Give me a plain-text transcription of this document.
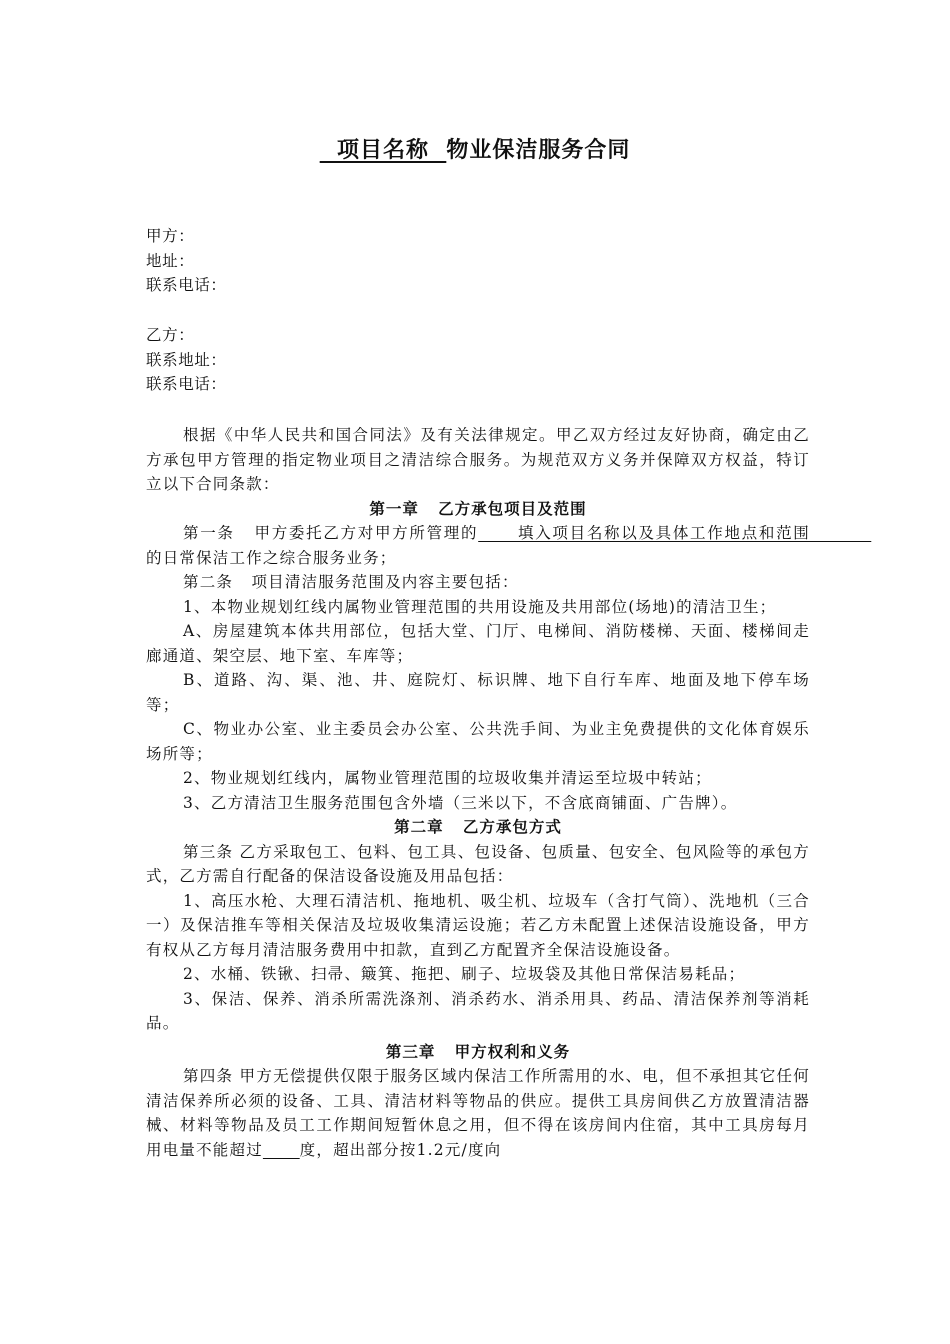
项目名称  物业保洁服务合同
甲方：
地址：
联系电话：
乙方：
联系地址：
联系电话：

根据《中华人民共和国合同法》及有关法律规定。甲乙双方经过友好协商，确定由乙方承包甲方管理的指定物业项目之清洁综合服务。为规范双方义务并保障双方权益，特订立以下合同条款：

第一章   乙方承包项目及范围

第一条   甲方委托乙方对甲方所管理的      填入项目名称以及具体工作地点和范围          的日常保洁工作之综合服务业务；

第二条   项目清洁服务范围及内容主要包括：

1、本物业规划红线内属物业管理范围的共用设施及共用部位(场地)的清洁卫生；

A、房屋建筑本体共用部位，包括大堂、门厅、电梯间、消防楼梯、天面、楼梯间走廊通道、架空层、地下室、车库等；

B、道路、沟、渠、池、井、庭院灯、标识牌、地下自行车库、地面及地下停车场等；

C、物业办公室、业主委员会办公室、公共洗手间、为业主免费提供的文化体育娱乐场所等；

2、物业规划红线内，属物业管理范围的垃圾收集并清运至垃圾中转站；

3、乙方清洁卫生服务范围包含外墙（三米以下，不含底商铺面、广告牌）。

第二章   乙方承包方式

第三条 乙方采取包工、包料、包工具、包设备、包质量、包安全、包风险等的承包方式，乙方需自行配备的保洁设备设施及用品包括：

1、高压水枪、大理石清洁机、拖地机、吸尘机、垃圾车（含打气筒）、洗地机（三合一）及保洁推车等相关保洁及垃圾收集清运设施；若乙方未配置上述保洁设施设备，甲方有权从乙方每月清洁服务费用中扣款，直到乙方配置齐全保洁设施设备。

2、水桶、铁锹、扫帚、簸箕、拖把、刷子、垃圾袋及其他日常保洁易耗品；

3、保洁、保养、消杀所需洗涤剂、消杀药水、消杀用具、药品、清洁保养剂等消耗品。

第三章   甲方权利和义务

第四条 甲方无偿提供仅限于服务区域内保洁工作所需用的水、电，但不承担其它任何清洁保养所必须的设备、工具、清洁材料等物品的供应。提供工具房间供乙方放置清洁器械、材料等物品及员工工作期间短暂休息之用，但不得在该房间内住宿，其中工具房每月用电量不能超过 度，超出部分按1.2元/度向
